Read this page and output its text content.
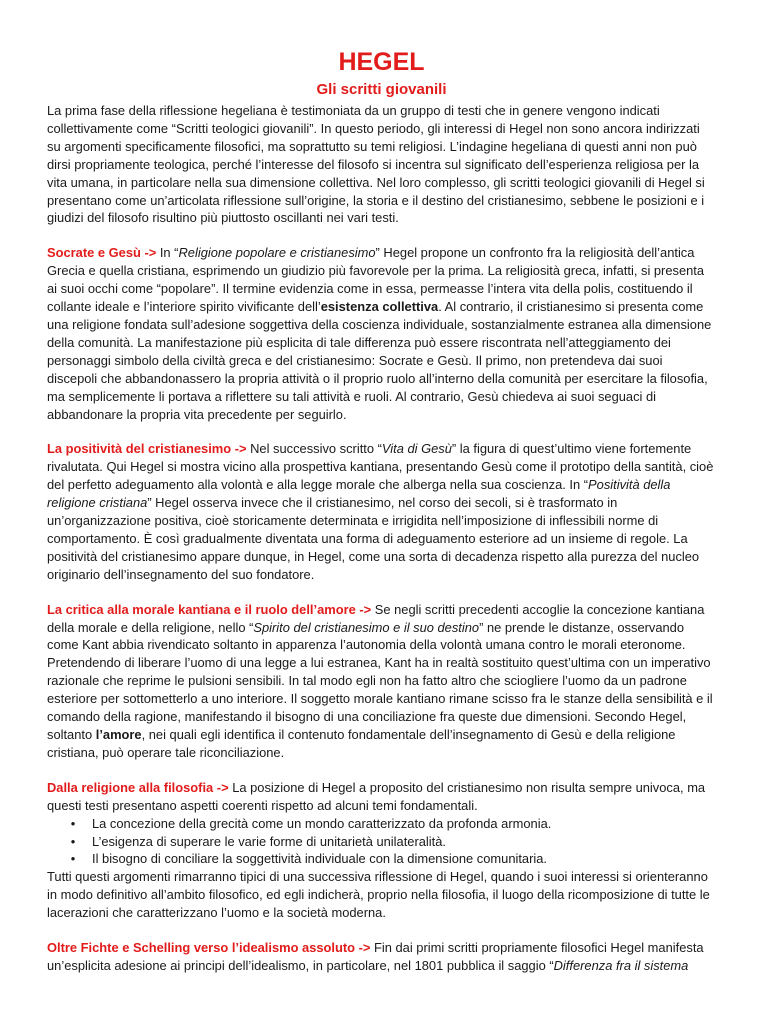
HEGEL
Gli scritti giovanili

La prima fase della riflessione hegeliana è testimoniata da un gruppo di testi che in genere vengono indicati collettivamente come “Scritti teologici giovanili”. In questo periodo, gli interessi di Hegel non sono ancora indirizzati su argomenti specificamente filosofici, ma soprattutto su temi religiosi. L’indagine hegeliana di questi anni non può dirsi propriamente teologica, perché l’interesse del filosofo si incentra sul significato dell’esperienza religiosa per la vita umana, in particolare nella sua dimensione collettiva. Nel loro complesso, gli scritti teologici giovanili di Hegel si presentano come un’articolata riflessione sull’origine, la storia e il destino del cristianesimo, sebbene le posizioni e i giudizi del filosofo risultino più piuttosto oscillanti nei vari testi.

Socrate e Gesù -> In “Religione popolare e cristianesimo” Hegel propone un confronto fra la religiosità dell’antica Grecia e quella cristiana, esprimendo un giudizio più favorevole per la prima. La religiosità greca, infatti, si presenta ai suoi occhi come “popolare”. Il termine evidenzia come in essa, permeasse l’intera vita della polis, costituendo il collante ideale e l’interiore spirito vivificante dell’esistenza collettiva. Al contrario, il cristianesimo si presenta come una religione fondata sull’adesione soggettiva della coscienza individuale, sostanzialmente estranea alla dimensione della comunità. La manifestazione più esplicita di tale differenza può essere riscontrata nell’atteggiamento dei personaggi simbolo della civiltà greca e del cristianesimo: Socrate e Gesù. Il primo, non pretendeva dai suoi discepoli che abbandonassero la propria attività o il proprio ruolo all’interno della comunità per esercitare la filosofia, ma semplicemente li portava a riflettere su tali attività e ruoli. Al contrario, Gesù chiedeva ai suoi seguaci di abbandonare la propria vita precedente per seguirlo.

La positività del cristianesimo -> Nel successivo scritto “Vita di Gesù” la figura di quest’ultimo viene fortemente rivalutata. Qui Hegel si mostra vicino alla prospettiva kantiana, presentando Gesù come il prototipo della santità, cioè del perfetto adeguamento alla volontà e alla legge morale che alberga nella sua coscienza. In “Positività della religione cristiana” Hegel osserva invece che il cristianesimo, nel corso dei secoli, si è trasformato in un’organizzazione positiva, cioè storicamente determinata e irrigidita nell’imposizione di inflessibili norme di comportamento. È così gradualmente diventata una forma di adeguamento esteriore ad un insieme di regole. La positività del cristianesimo appare dunque, in Hegel, come una sorta di decadenza rispetto alla purezza del nucleo originario dell’insegnamento del suo fondatore.

La critica alla morale kantiana e il ruolo dell’amore -> Se negli scritti precedenti accoglie la concezione kantiana della morale e della religione, nello “Spirito del cristianesimo e il suo destino” ne prende le distanze, osservando come Kant abbia rivendicato soltanto in apparenza l’autonomia della volontà umana contro le morali eteronome. Pretendendo di liberare l’uomo di una legge a lui estranea, Kant ha in realtà sostituito quest’ultima con un imperativo razionale che reprime le pulsioni sensibili. In tal modo egli non ha fatto altro che sciogliere l’uomo da un padrone esteriore per sottometterlo a uno interiore. Il soggetto morale kantiano rimane scisso fra le stanze della sensibilità e il comando della ragione, manifestando il bisogno di una conciliazione fra queste due dimensioni. Secondo Hegel, soltanto l’amore, nei quali egli identifica il contenuto fondamentale dell’insegnamento di Gesù e della religione cristiana, può operare tale riconciliazione.

Dalla religione alla filosofia -> La posizione di Hegel a proposito del cristianesimo non risulta sempre univoca, ma questi testi presentano aspetti coerenti rispetto ad alcuni temi fondamentali.

• La concezione della grecità come un mondo caratterizzato da profonda armonia.
• L’esigenza di superare le varie forme di unitarietà unilateralità.
• Il bisogno di conciliare la soggettività individuale con la dimensione comunitaria.

Tutti questi argomenti rimarranno tipici di una successiva riflessione di Hegel, quando i suoi interessi si orienteranno in modo definitivo all’ambito filosofico, ed egli indicherà, proprio nella filosofia, il luogo della ricomposizione di tutte le lacerazioni che caratterizzano l’uomo e la società moderna.

Oltre Fichte e Schelling verso l’idealismo assoluto -> Fin dai primi scritti propriamente filosofici Hegel manifesta un’esplicita adesione ai principi dell’idealismo, in particolare, nel 1801 pubblica il saggio “Differenza fra il sistema
